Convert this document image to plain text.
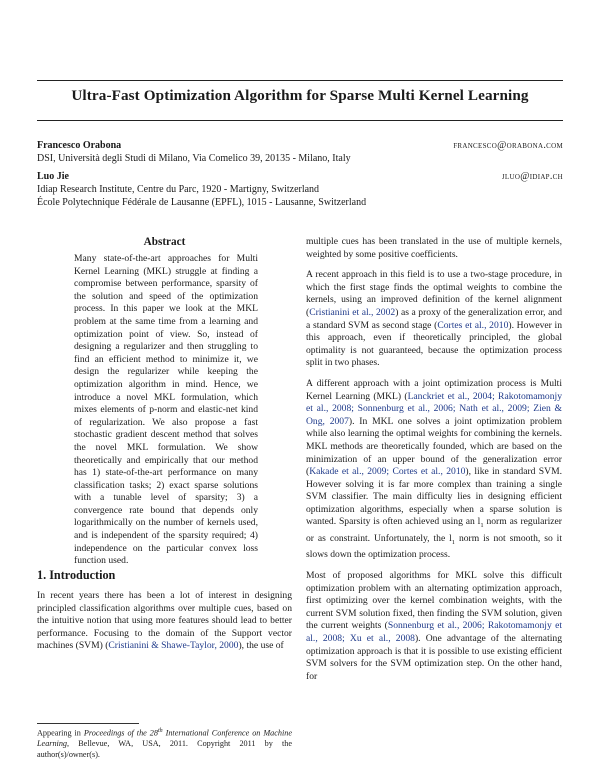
Ultra-Fast Optimization Algorithm for Sparse Multi Kernel Learning
Francesco Orabona	francesco@orabona.com
DSI, Università degli Studi di Milano, Via Comelico 39, 20135 - Milano, Italy
Luo Jie	jluo@idiap.ch
Idiap Research Institute, Centre du Parc, 1920 - Martigny, Switzerland
École Polytechnique Fédérale de Lausanne (EPFL), 1015 - Lausanne, Switzerland
Abstract
Many state-of-the-art approaches for Multi Kernel Learning (MKL) struggle at finding a compromise between performance, sparsity of the solution and speed of the optimization process. In this paper we look at the MKL problem at the same time from a learning and optimization point of view. So, instead of designing a regularizer and then struggling to find an efficient method to minimize it, we design the regularizer while keeping the optimization algorithm in mind. Hence, we introduce a novel MKL formulation, which mixes elements of p-norm and elastic-net kind of regularization. We also propose a fast stochastic gradient descent method that solves the novel MKL formulation. We show theoretically and empirically that our method has 1) state-of-the-art performance on many classification tasks; 2) exact sparse solutions with a tunable level of sparsity; 3) a convergence rate bound that depends only logarithmically on the number of kernels used, and is independent of the sparsity required; 4) independence on the particular convex loss function used.
1. Introduction

In recent years there has been a lot of interest in designing principled classification algorithms over multiple cues, based on the intuitive notion that using more features should lead to better performance. Focusing to the domain of the Support vector machines (SVM) (Cristianini & Shawe-Taylor, 2000), the use of

Appearing in Proceedings of the 28th International Conference on Machine Learning, Bellevue, WA, USA, 2011. Copyright 2011 by the author(s)/owner(s).

multiple cues has been translated in the use of multiple kernels, weighted by some positive coefficients.

A recent approach in this field is to use a two-stage procedure, in which the first stage finds the optimal weights to combine the kernels, using an improved definition of the kernel alignment (Cristianini et al., 2002) as a proxy of the generalization error, and a standard SVM as second stage (Cortes et al., 2010). However in this approach, even if theoretically principled, the global optimality is not guaranteed, because the optimization process split in two phases.

A different approach with a joint optimization process is Multi Kernel Learning (MKL) (Lanckriet et al., 2004; Rakotomamonjy et al., 2008; Sonnenburg et al., 2006; Nath et al., 2009; Zien & Ong, 2007). In MKL one solves a joint optimization problem while also learning the optimal weights for combining the kernels. MKL methods are theoretically founded, which are based on the minimization of an upper bound of the generalization error (Kakade et al., 2009; Cortes et al., 2010), like in standard SVM. However solving it is far more complex than training a single SVM classifier. The main difficulty lies in designing efficient optimization algorithms, especially when a sparse solution is wanted. Sparsity is often achieved using an $l_1$ norm as regularizer or as constraint. Unfortunately, the $l_1$ norm is not smooth, so it slows down the optimization process.

Most of proposed algorithms for MKL solve this difficult optimization problem with an alternating optimization approach, first optimizing over the kernel combination weights, with the current SVM solution fixed, then finding the SVM solution, given the current weights (Sonnenburg et al., 2006; Rakotomamonjy et al., 2008; Xu et al., 2008). One advantage of the alternating optimization approach is that it is possible to use existing efficient SVM solvers for the SVM optimization step. On the other hand, for
